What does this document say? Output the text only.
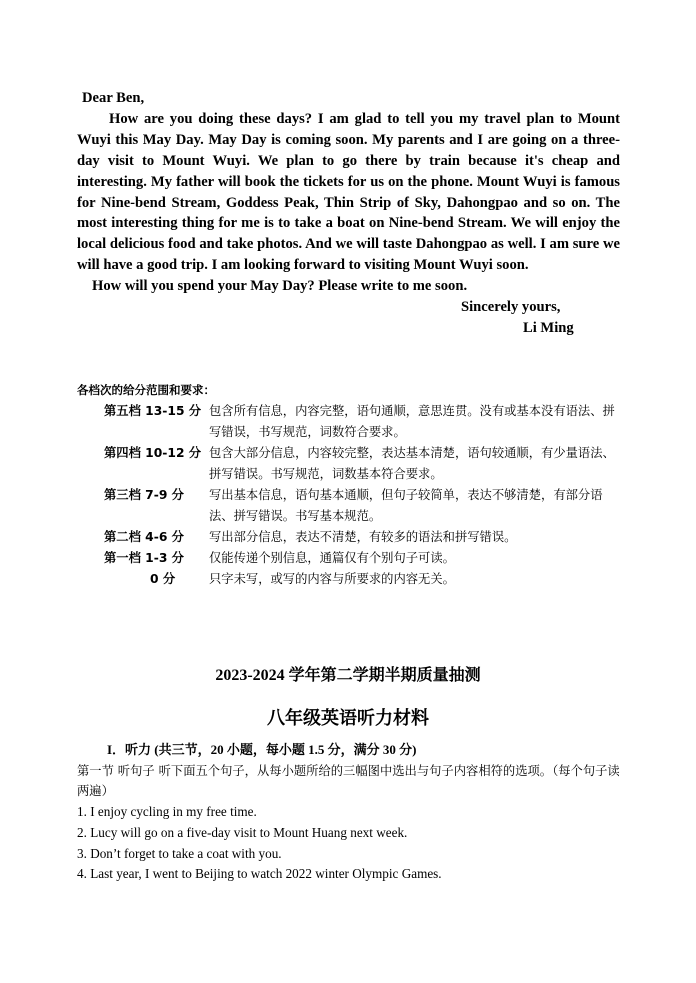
Dear Ben,

How are you doing these days? I am glad to tell you my travel plan to Mount Wuyi this May Day. May Day is coming soon. My parents and I are going on a three-day visit to Mount Wuyi. We plan to go there by train because it's cheap and interesting. My father will book the tickets for us on the phone. Mount Wuyi is famous for Nine-bend Stream, Goddess Peak, Thin Strip of Sky, Dahongpao and so on. The most interesting thing for me is to take a boat on Nine-bend Stream. We will enjoy the local delicious food and take photos. And we will taste Dahongpao as well. I am sure we will have a good trip. I am looking forward to visiting Mount Wuyi soon.

How will you spend your May Day? Please write to me soon.

Sincerely yours,

Li Ming

各档次的给分范围和要求：

第五档 13-15 分 包含所有信息，内容完整，语句通顺，意思连贯。没有或基本没有语法、拼写错误，书写规范，词数符合要求。
第四档 10-12 分 包含大部分信息，内容较完整，表达基本清楚，语句较通顺，有少量语法、拼写错误。书写规范，词数基本符合要求。
第三档 7-9 分	写出基本信息，语句基本通顺，但句子较简单，表达不够清楚，有部分语法、拼写错误。书写基本规范。
第二档 4-6 分	写出部分信息，表达不清楚，有较多的语法和拼写错误。
第一档 1-3 分	仅能传递个别信息，通篇仅有个别句子可读。
0 分	只字未写，或写的内容与所要求的内容无关。
2023-2024 学年第二学期半期质量抽测
八年级英语听力材料

I．听力 (共三节，20 小题，每小题 1.5 分，满分 30 分)

第一节 听句子 听下面五个句子，从每小题所给的三幅图中选出与句子内容相符的选项。（每个句子读两遍）

1. I enjoy cycling in my free time.

2. Lucy will go on a five-day visit to Mount Huang next week.

3. Don’t forget to take a coat with you.

4. Last year, I went to Beijing to watch 2022 winter Olympic Games.
